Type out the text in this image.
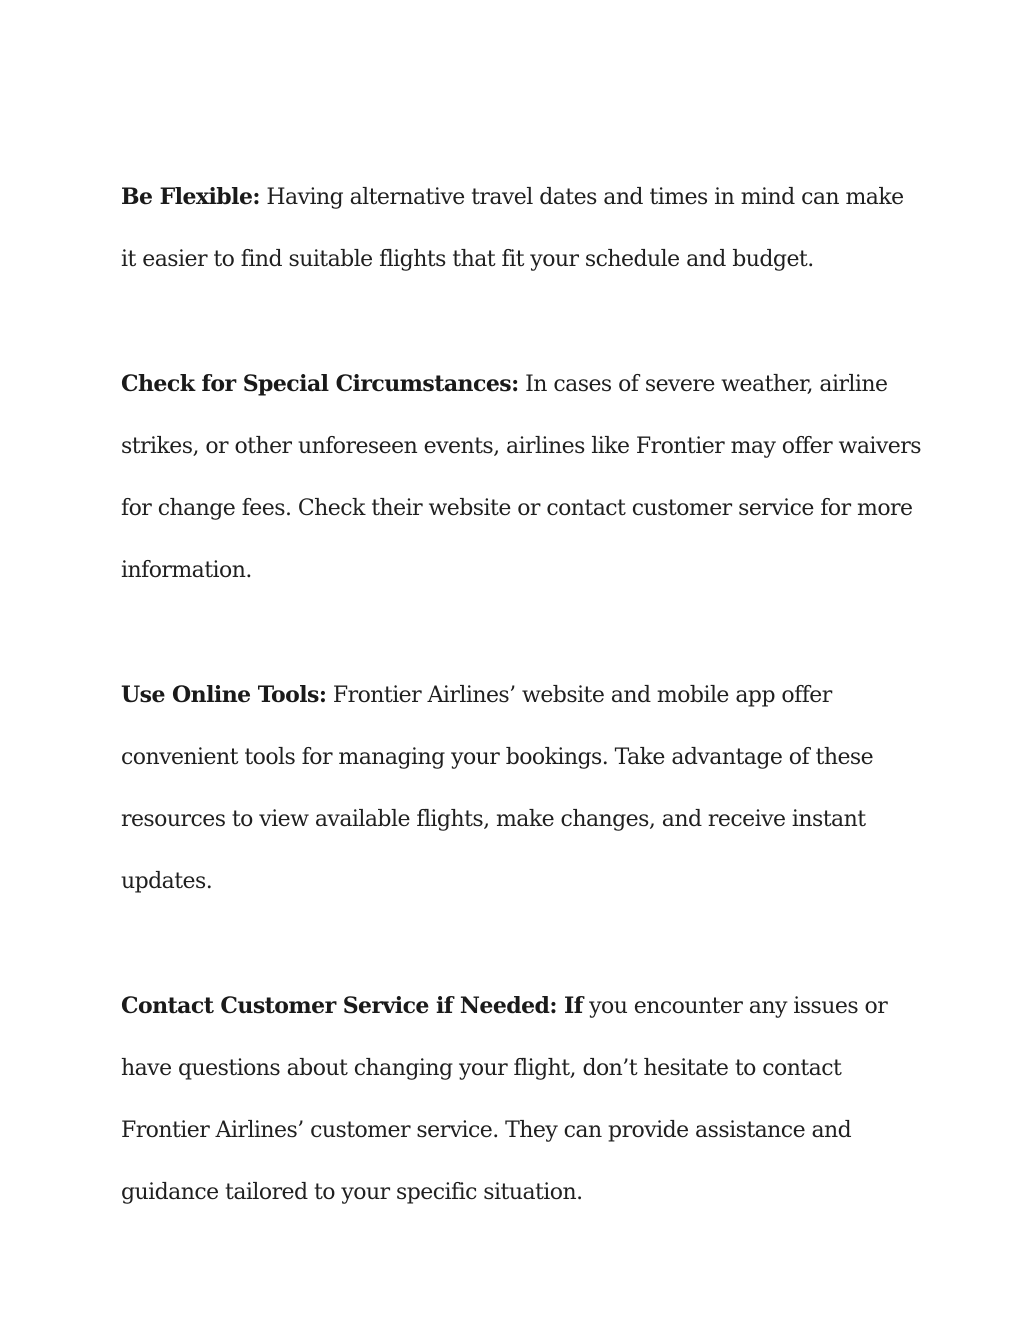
Be Flexible: Having alternative travel dates and times in mind can make it easier to find suitable flights that fit your schedule and budget.

Check for Special Circumstances: In cases of severe weather, airline strikes, or other unforeseen events, airlines like Frontier may offer waivers for change fees. Check their website or contact customer service for more information.

Use Online Tools: Frontier Airlines’ website and mobile app offer convenient tools for managing your bookings. Take advantage of these resources to view available flights, make changes, and receive instant updates.

Contact Customer Service if Needed: If you encounter any issues or have questions about changing your flight, don’t hesitate to contact Frontier Airlines’ customer service. They can provide assistance and guidance tailored to your specific situation.
